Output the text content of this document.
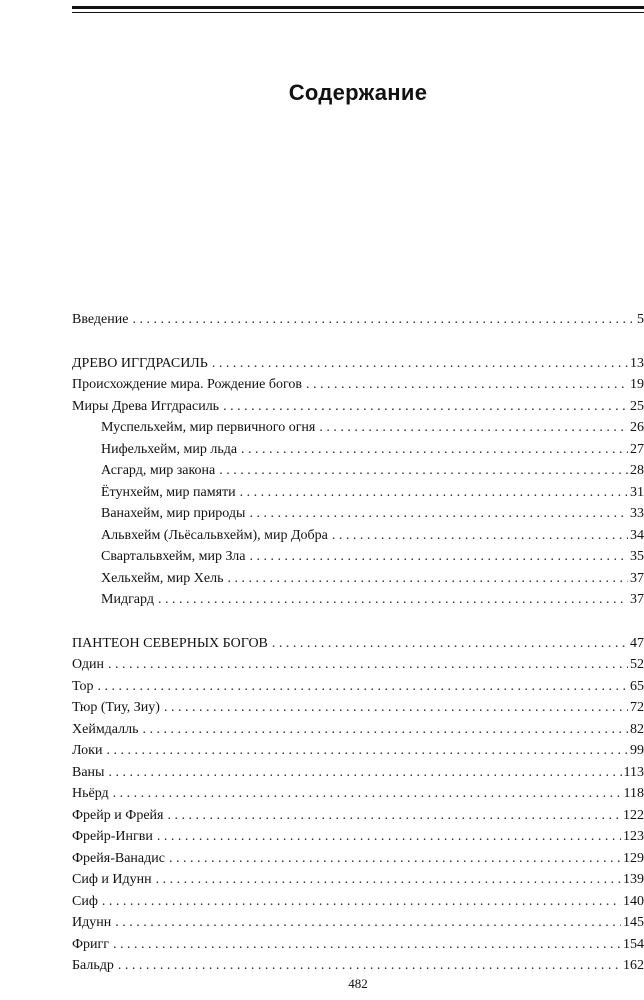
Содержание
Введение . . .	5
ДРЕВО ИГГДРАСИЛЬ . . .	13
Происхождение мира. Рождение богов . . .	19
Миры Древа Иггдрасиль . . .	25
Муспельхейм, мир первичного огня . . .	26
Нифельхейм, мир льда . . .	27
Асгард, мир закона . . .	28
Ётунхейм, мир памяти . . .	31
Ванахейм, мир природы . . .	33
Альвхейм (Льёсальвхейм), мир Добра . . .	34
Свартальвхейм, мир Зла . . .	35
Хельхейм, мир Хель . . .	37
Мидгард . . .	37
ПАНТЕОН СЕВЕРНЫХ БОГОВ . . .	47
Один . . .	52
Тор . . .	65
Тюр (Тиу, Зиу) . . .	72
Хеймдалль . . .	82
Локи . . .	99
Ваны . . .	113
Ньёрд . . .	118
Фрейр и Фрейя . . .	122
Фрейр-Ингви . . .	123
Фрейя-Ванадис . . .	129
Сиф и Идунн . . .	139
Сиф . . .	140
Идунн . . .	145
Фригг . . .	154
Бальдр . . .	162
482
